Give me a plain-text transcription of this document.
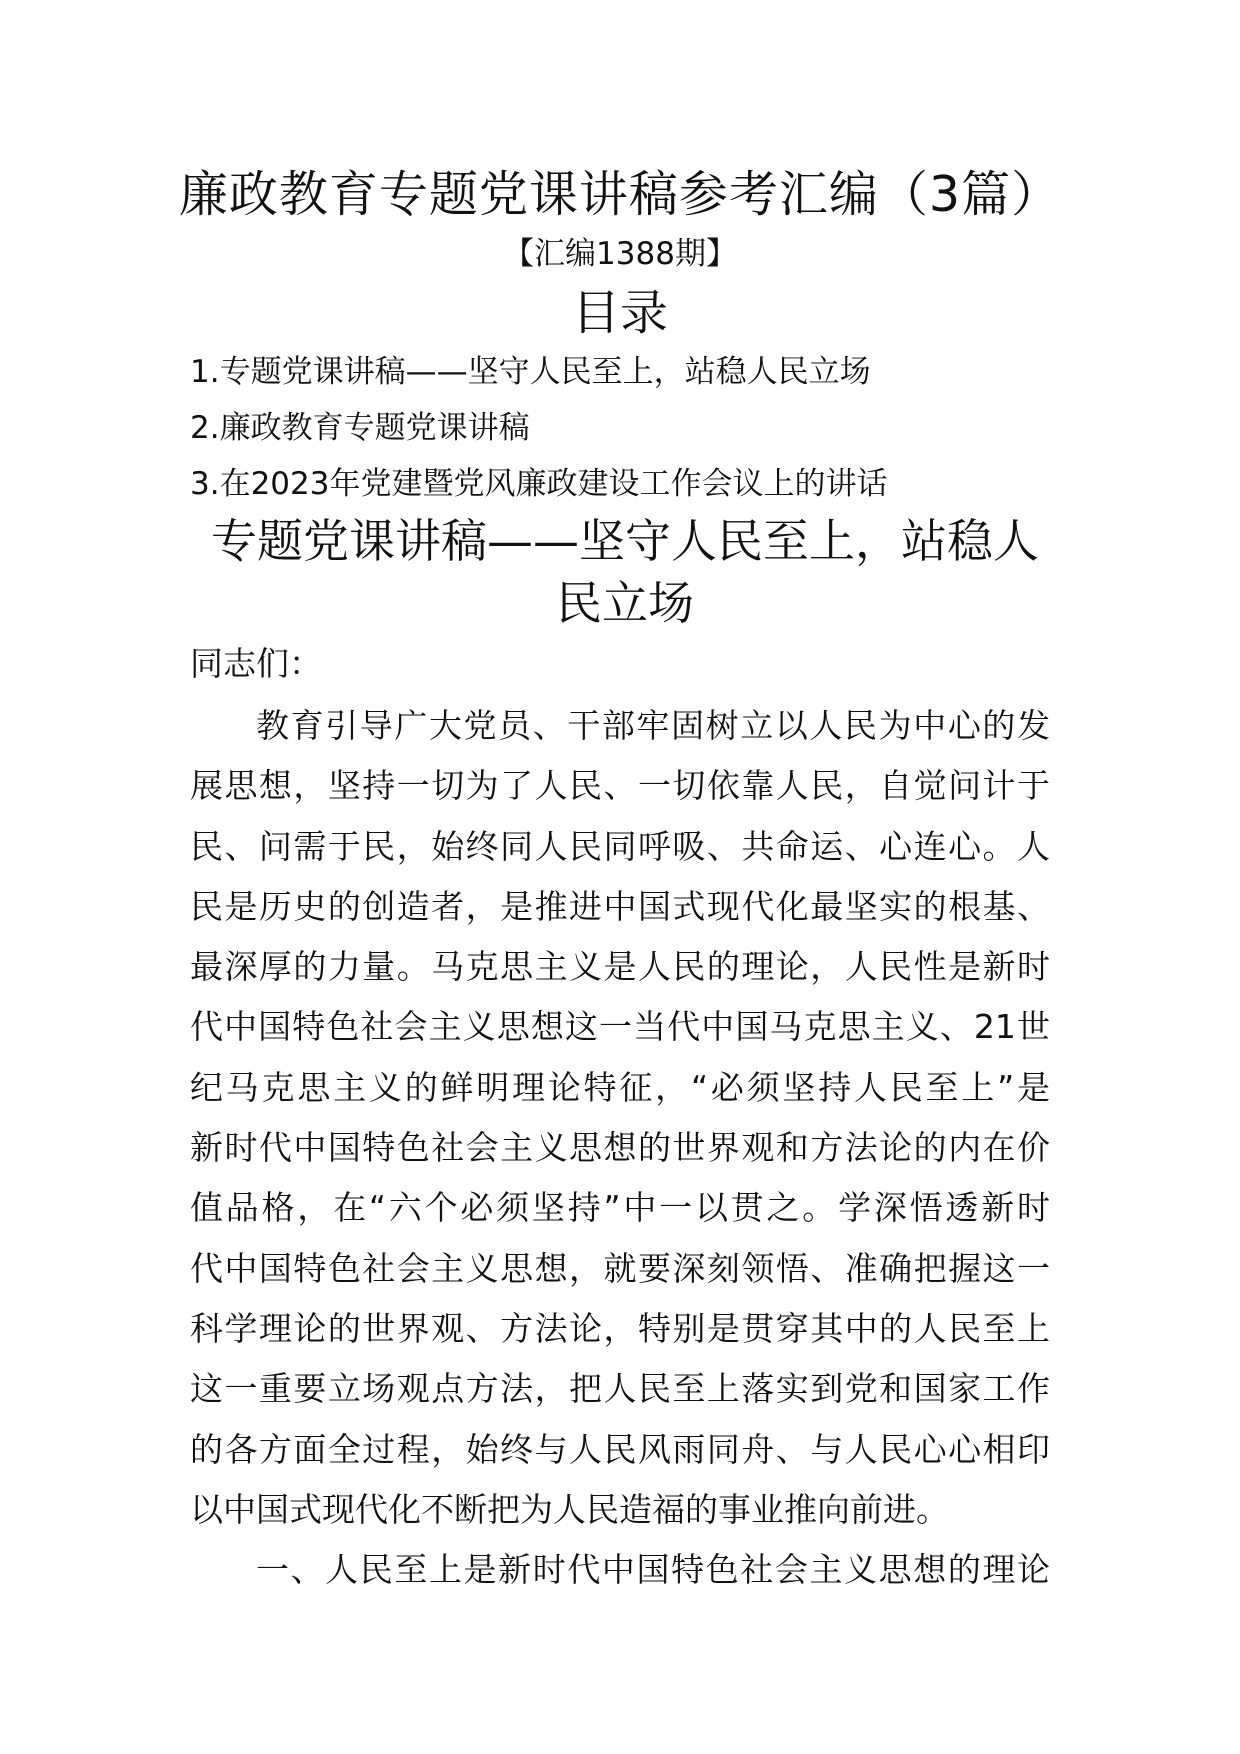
廉政教育专题党课讲稿参考汇编（3篇）
【汇编1388期】
目录
1.专题党课讲稿——坚守人民至上，站稳人民立场
2.廉政教育专题党课讲稿
3.在2023年党建暨党风廉政建设工作会议上的讲话
专题党课讲稿——坚守人民至上，站稳人
民立场
同志们：
教育引导广大党员、干部牢固树立以人民为中心的发
展思想，坚持一切为了人民、一切依靠人民，自觉问计于
民、问需于民，始终同人民同呼吸、共命运、心连心。人
民是历史的创造者，是推进中国式现代化最坚实的根基、
最深厚的力量。马克思主义是人民的理论，人民性是新时
代中国特色社会主义思想这一当代中国马克思主义、21世
纪马克思主义的鲜明理论特征，“必须坚持人民至上”是
新时代中国特色社会主义思想的世界观和方法论的内在价
值品格，在“六个必须坚持”中一以贯之。学深悟透新时
代中国特色社会主义思想，就要深刻领悟、准确把握这一
科学理论的世界观、方法论，特别是贯穿其中的人民至上
这一重要立场观点方法，把人民至上落实到党和国家工作
的各方面全过程，始终与人民风雨同舟、与人民心心相印
以中国式现代化不断把为人民造福的事业推向前进。
一、人民至上是新时代中国特色社会主义思想的理论
